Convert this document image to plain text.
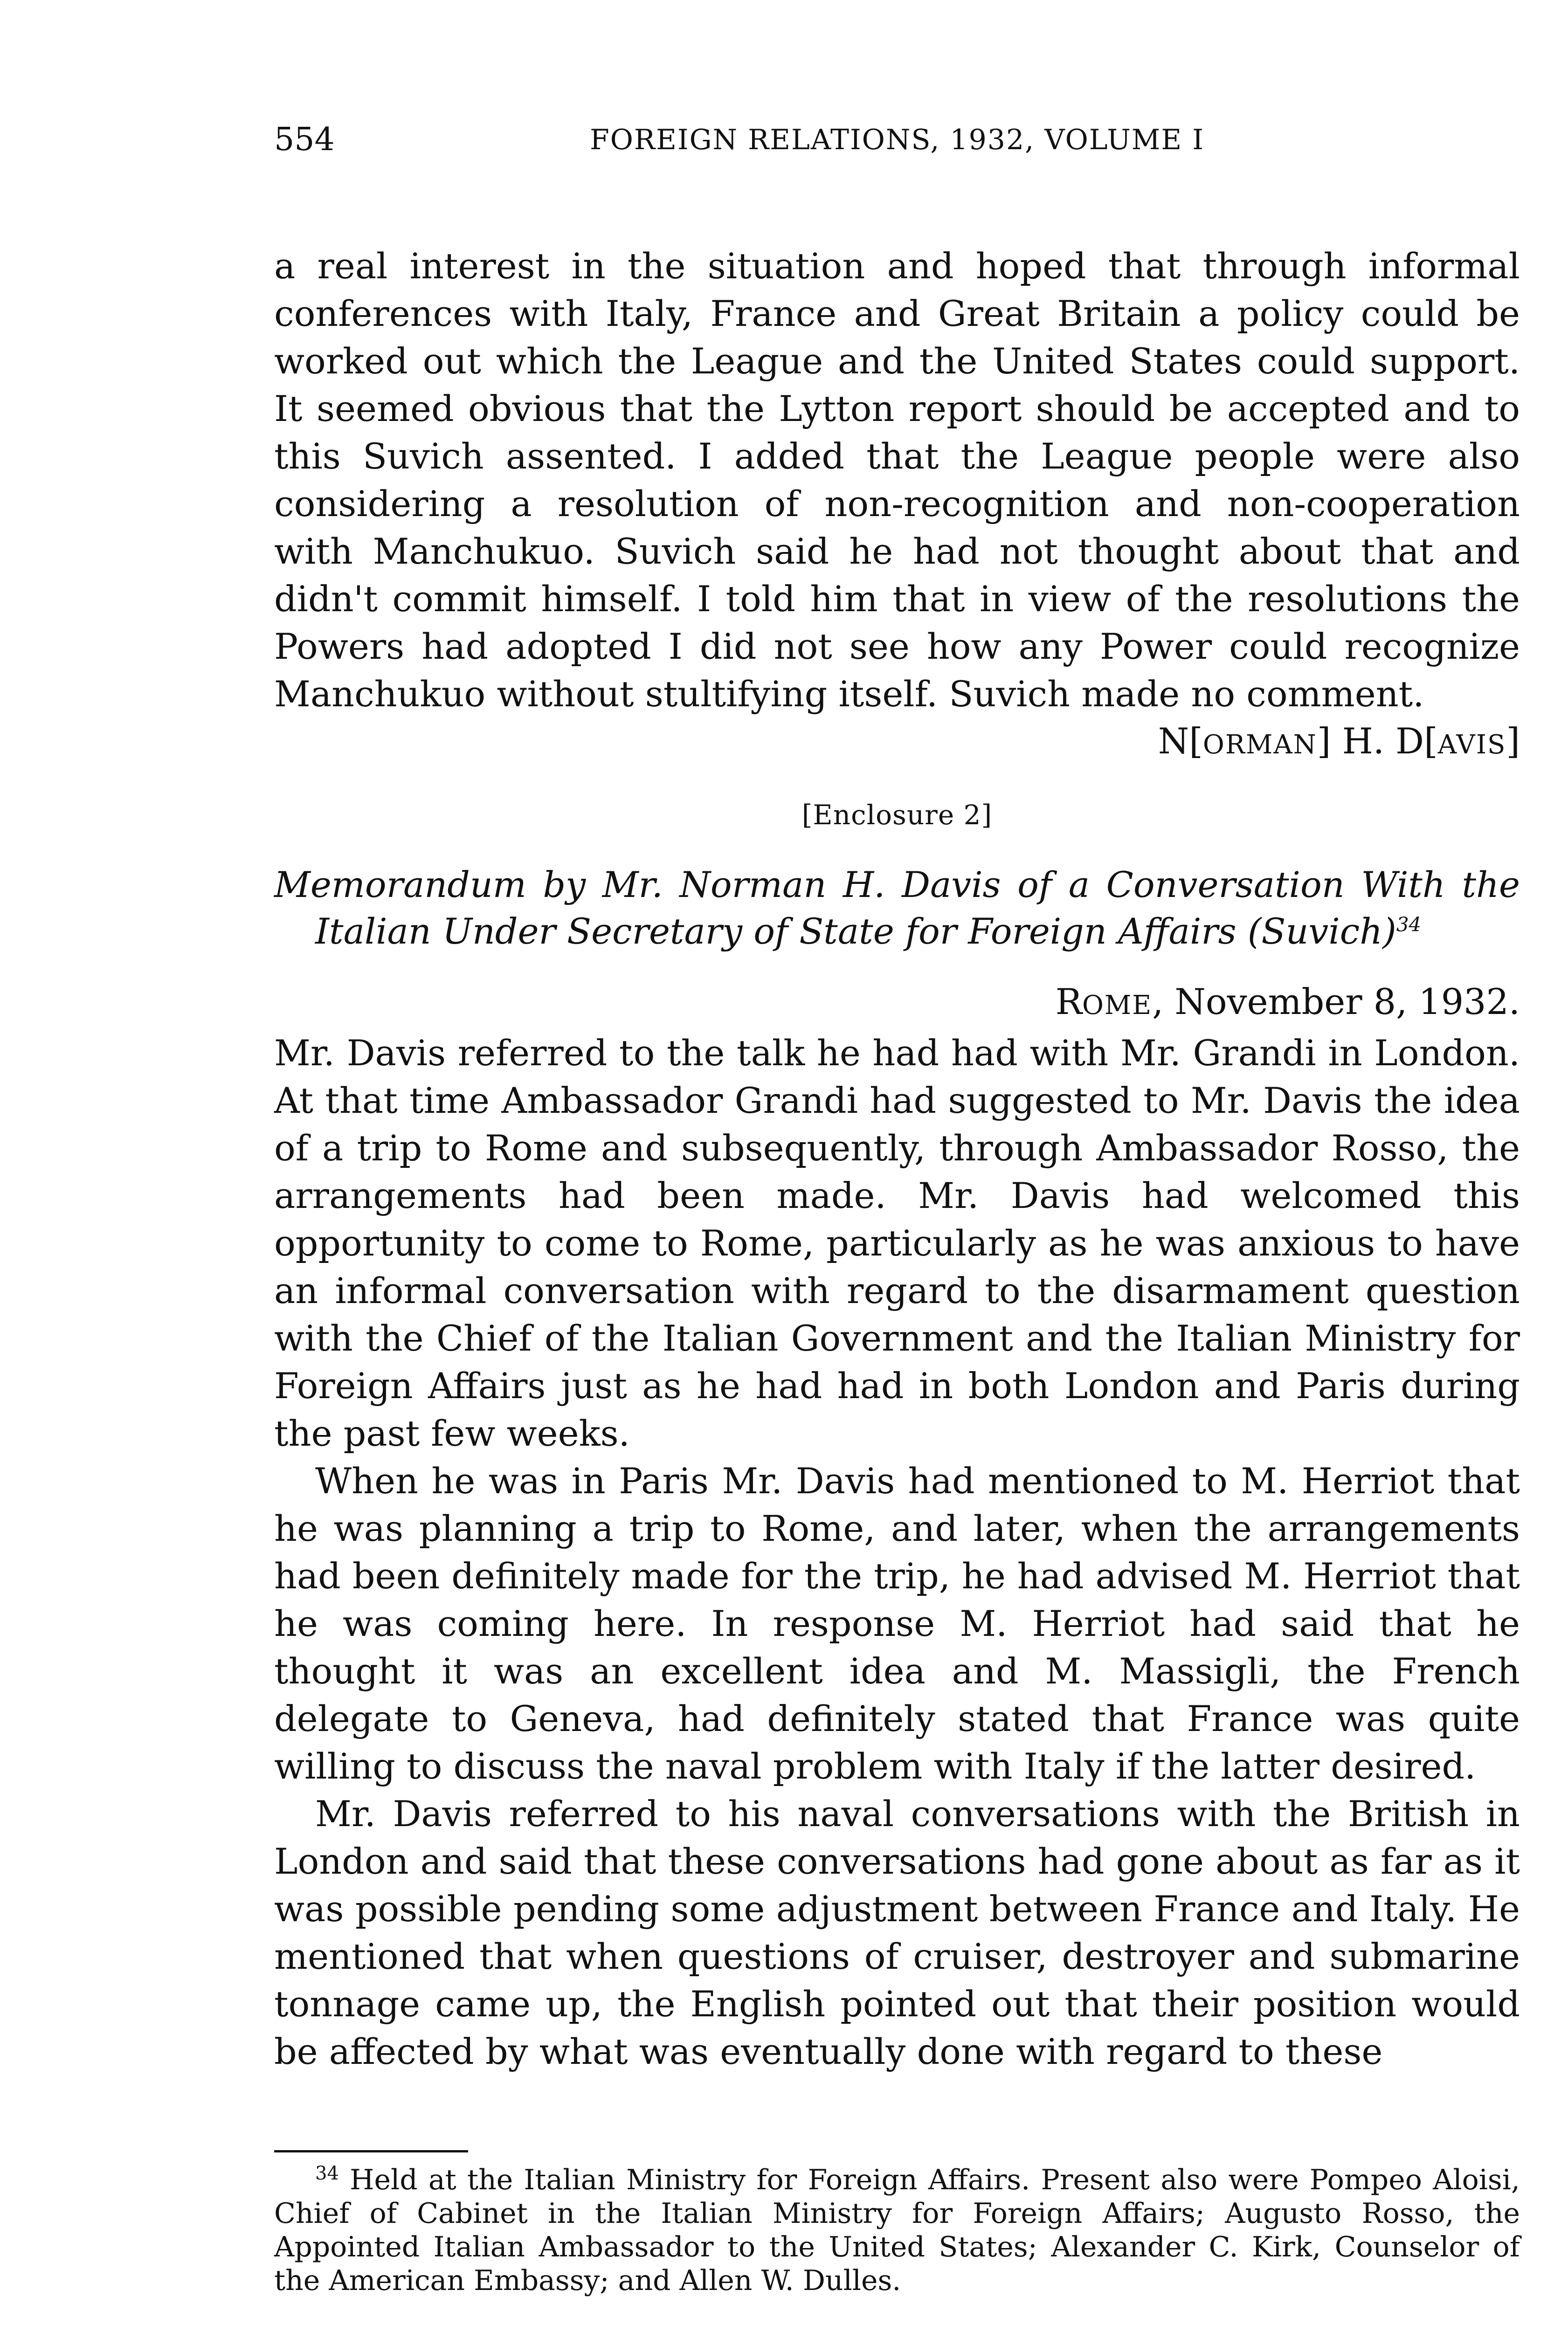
554	FOREIGN RELATIONS, 1932, VOLUME I

a real interest in the situation and hoped that through informal conferences with Italy, France and Great Britain a policy could be worked out which the League and the United States could support. It seemed obvious that the Lytton report should be accepted and to this Suvich assented. I added that the League people were also considering a resolution of non-recognition and non-cooperation with Manchukuo. Suvich said he had not thought about that and didn't commit himself. I told him that in view of the resolutions the Powers had adopted I did not see how any Power could recognize Manchukuo without stultifying itself. Suvich made no comment.

N[ORMAN] H. D[AVIS]

[Enclosure 2]

Memorandum by Mr. Norman H. Davis of a Conversation With the Italian Under Secretary of State for Foreign Affairs (Suvich)$^{34}$

ROME, November 8, 1932.

Mr. Davis referred to the talk he had had with Mr. Grandi in London. At that time Ambassador Grandi had suggested to Mr. Davis the idea of a trip to Rome and subsequently, through Ambassador Rosso, the arrangements had been made. Mr. Davis had welcomed this opportunity to come to Rome, particularly as he was anxious to have an informal conversation with regard to the disarmament question with the Chief of the Italian Government and the Italian Ministry for Foreign Affairs just as he had had in both London and Paris during the past few weeks.

When he was in Paris Mr. Davis had mentioned to M. Herriot that he was planning a trip to Rome, and later, when the arrangements had been definitely made for the trip, he had advised M. Herriot that he was coming here. In response M. Herriot had said that he thought it was an excellent idea and M. Massigli, the French delegate to Geneva, had definitely stated that France was quite willing to discuss the naval problem with Italy if the latter desired.

Mr. Davis referred to his naval conversations with the British in London and said that these conversations had gone about as far as it was possible pending some adjustment between France and Italy. He mentioned that when questions of cruiser, destroyer and submarine tonnage came up, the English pointed out that their position would be affected by what was eventually done with regard to these

$^{34}$ Held at the Italian Ministry for Foreign Affairs. Present also were Pompeo Aloisi, Chief of Cabinet in the Italian Ministry for Foreign Affairs; Augusto Rosso, the Appointed Italian Ambassador to the United States; Alexander C. Kirk, Counselor of the American Embassy; and Allen W. Dulles.
